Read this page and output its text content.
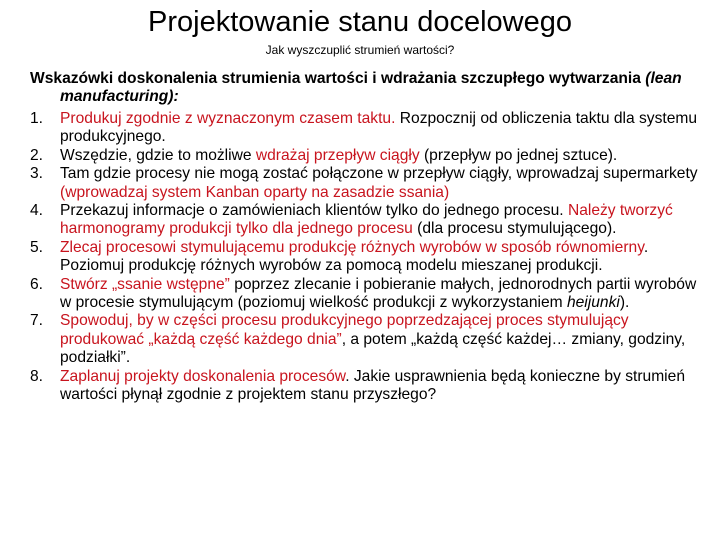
Projektowanie stanu docelowego
Jak wyszczuplić strumień wartości?
Wskazówki doskonalenia strumienia wartości i wdrażania szczupłego wytwarzania (lean manufacturing):
1. Produkuj zgodnie z wyznaczonym czasem taktu. Rozpocznij od obliczenia taktu dla systemu produkcyjnego.
2. Wszędzie, gdzie to możliwe wdrażaj przepływ ciągły (przepływ po jednej sztuce).
3. Tam gdzie procesy nie mogą zostać połączone w przepływ ciągły, wprowadzaj supermarkety (wprowadzaj system Kanban oparty na zasadzie ssania)
4. Przekazuj informacje o zamówieniach klientów tylko do jednego procesu. Należy tworzyć harmonogramy produkcji tylko dla jednego procesu (dla procesu stymulującego).
5. Zlecaj procesowi stymulującemu produkcję różnych wyrobów w sposób równomierny. Poziomuj produkcję różnych wyrobów za pomocą modelu mieszanej produkcji.
6. Stwórz „ssanie wstępne” poprzez zlecanie i pobieranie małych, jednorodnych partii wyrobów w procesie stymulującym (poziomuj wielkość produkcji z wykorzystaniem heijunki).
7. Spowoduj, by w części procesu produkcyjnego poprzedzającej proces stymulujący produkować „każdą część każdego dnia”, a potem „każdą część każdej… zmiany, godziny, podziałki”.
8. Zaplanuj projekty doskonalenia procesów. Jakie usprawnienia będą konieczne by strumień wartości płynął zgodnie z projektem stanu przyszłego?
